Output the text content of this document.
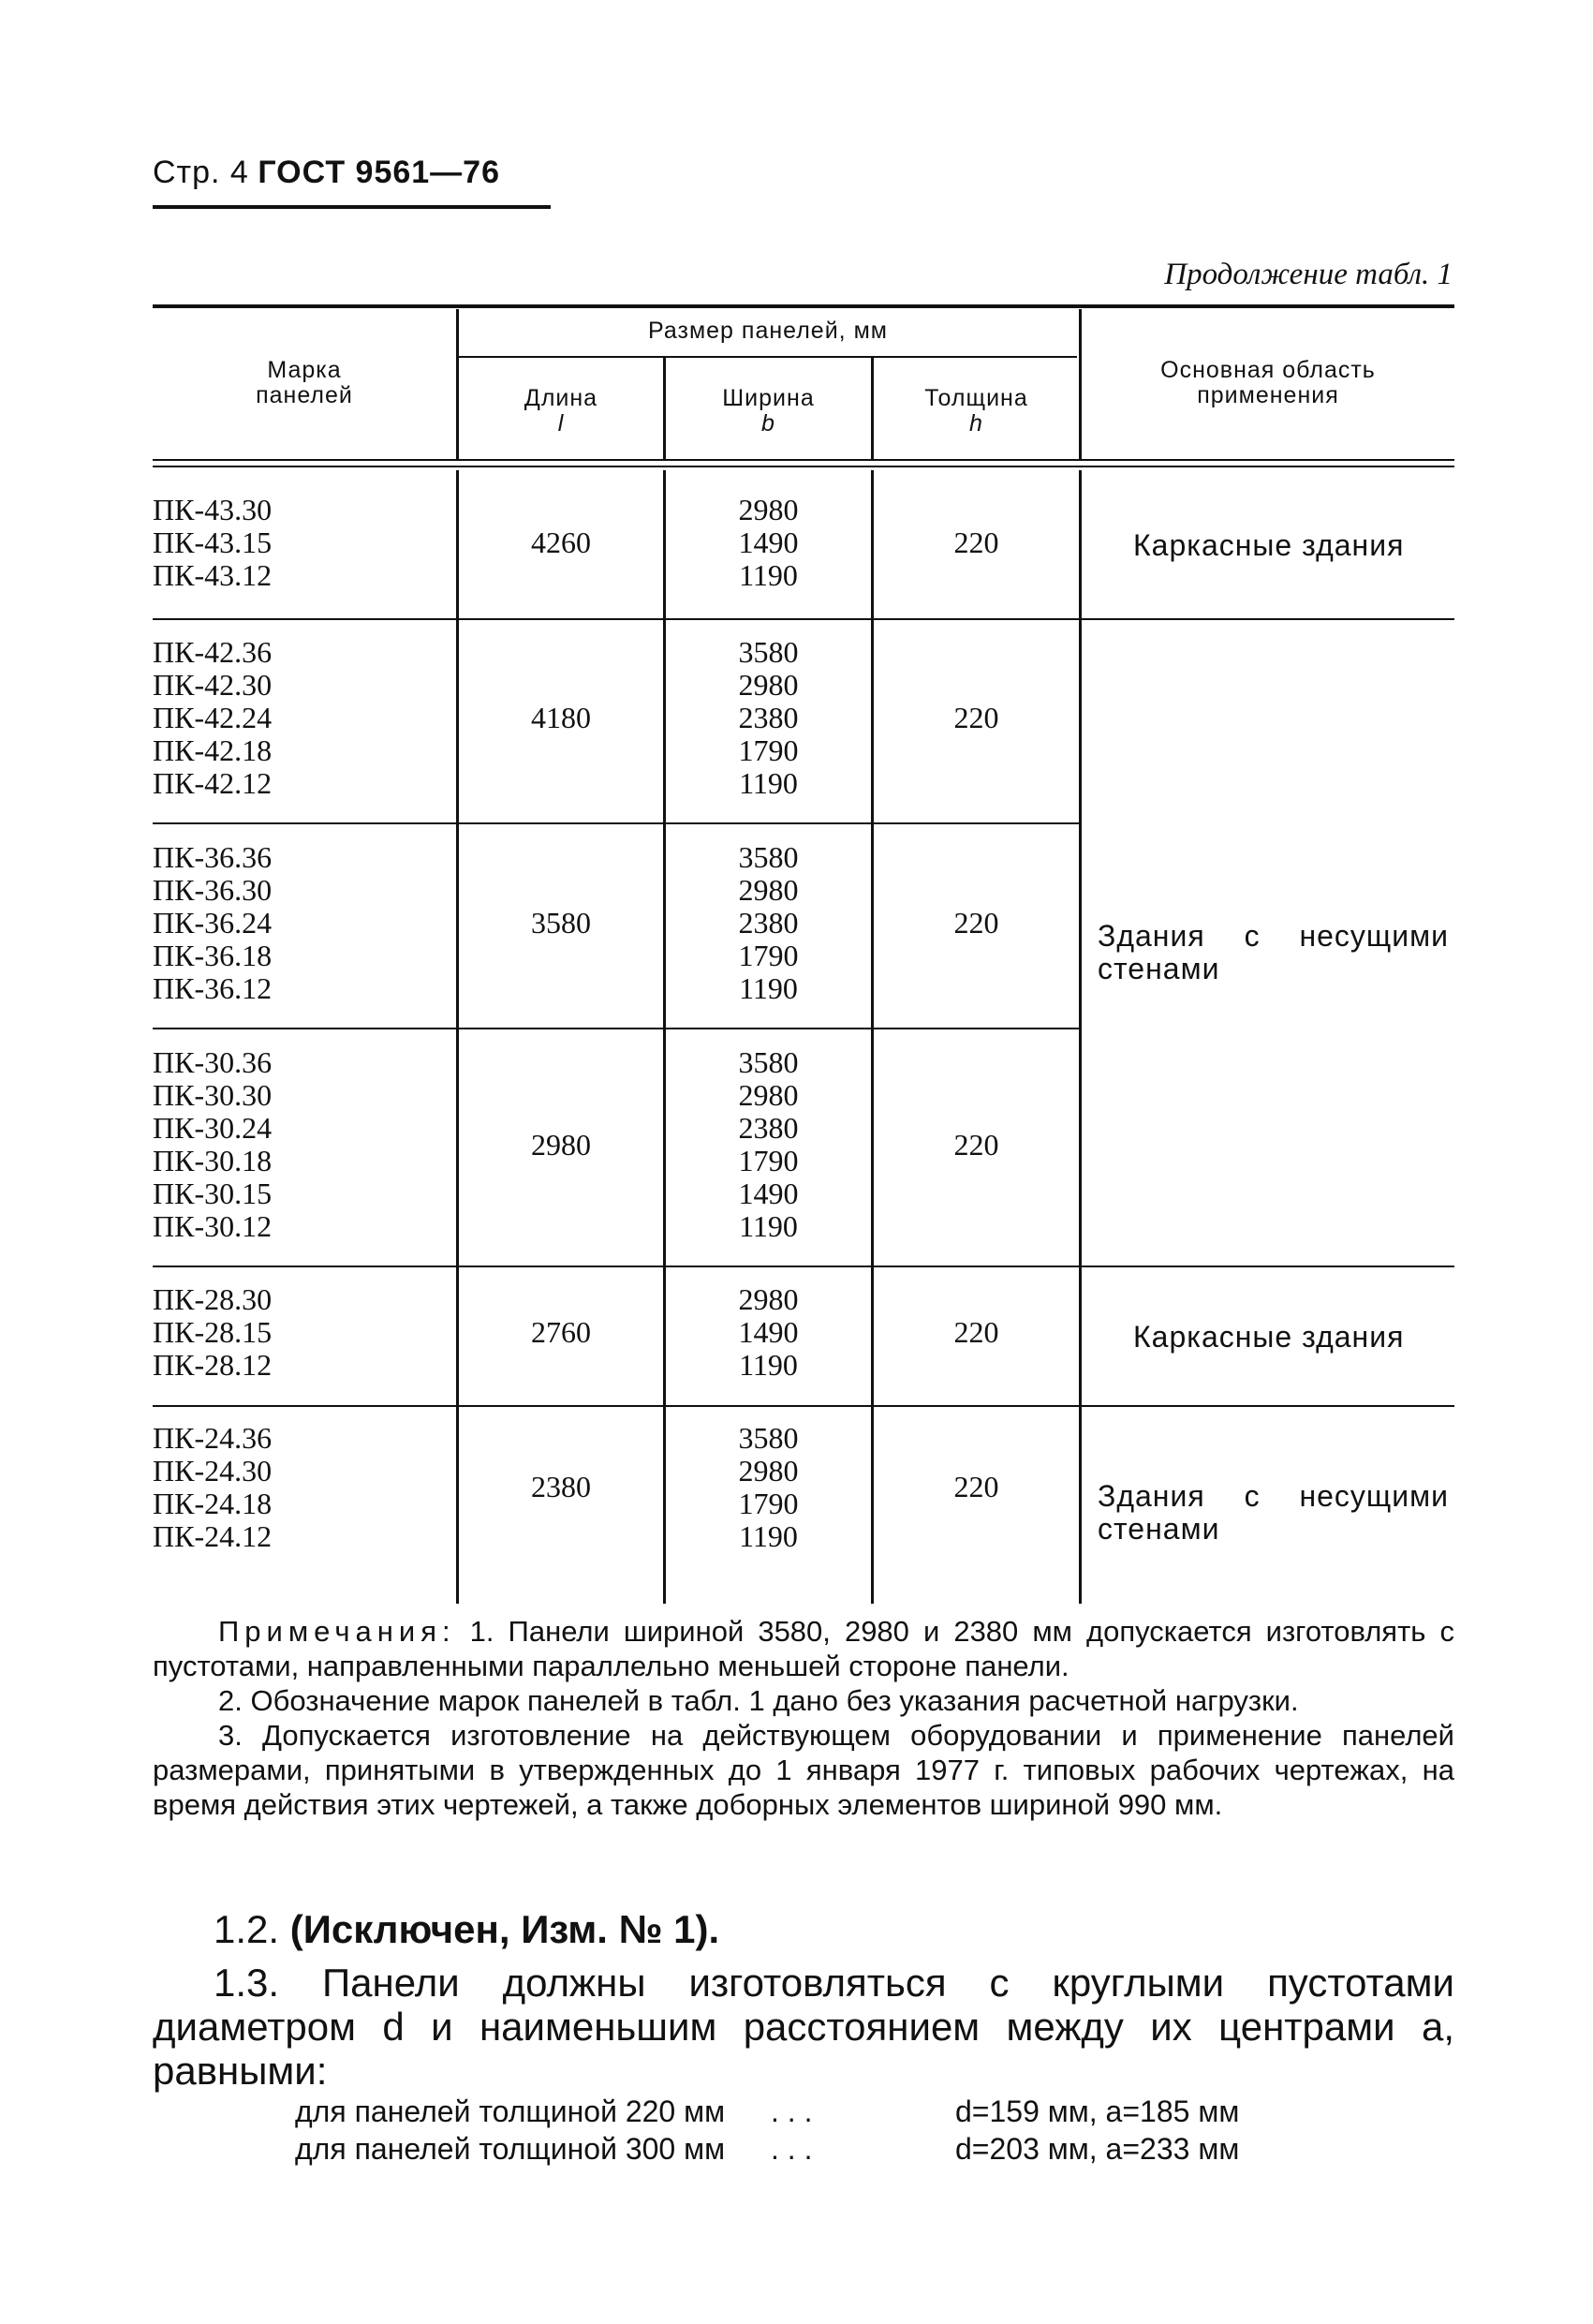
Стр. 4 ГОСТ 9561—76
Продолжение табл. 1
Марка
панелей
Размер панелей, мм
Длина
l
Ширина
b
Толщина
h
Основная область
применения
ПК-43.30
ПК-43.15
ПК-43.12
4260
2980
1490
1190
220
ПК-42.36
ПК-42.30
ПК-42.24
ПК-42.18
ПК-42.12
4180
3580
2980
2380
1790
1190
220
ПК-36.36
ПК-36.30
ПК-36.24
ПК-36.18
ПК-36.12
3580
3580
2980
2380
1790
1190
220
ПК-30.36
ПК-30.30
ПК-30.24
ПК-30.18
ПК-30.15
ПК-30.12
2980
3580
2980
2380
1790
1490
1190
220
ПК-28.30
ПК-28.15
ПК-28.12
2760
2980
1490
1190
220
ПК-24.36
ПК-24.30
ПК-24.18
ПК-24.12
2380
3580
2980
1790
1190
220
Каркасные здания
Здания с несущими стенами
Каркасные здания
Здания с несущими стенами

Примечания: 1. Панели шириной 3580, 2980 и 2380 мм допускается изготовлять с пустотами, направленными параллельно меньшей стороне панели.

2. Обозначение марок панелей в табл. 1 дано без указания расчетной нагрузки.

3. Допускается изготовление на действующем оборудовании и применение панелей размерами, принятыми в утвержденных до 1 января 1977 г. типовых рабочих чертежах, на время действия этих чертежей, а также доборных элементов шириной 990 мм.

1.2. (Исключен, Изм. № 1).
1.3. Панели должны изготовляться с круглыми пустотами диаметром d и наименьшим расстоянием между их центрами a, равными:
для панелей толщиной 220 мм . . .	d=159 мм, a=185 мм
для панелей толщиной 300 мм . . .	d=203 мм, a=233 мм
